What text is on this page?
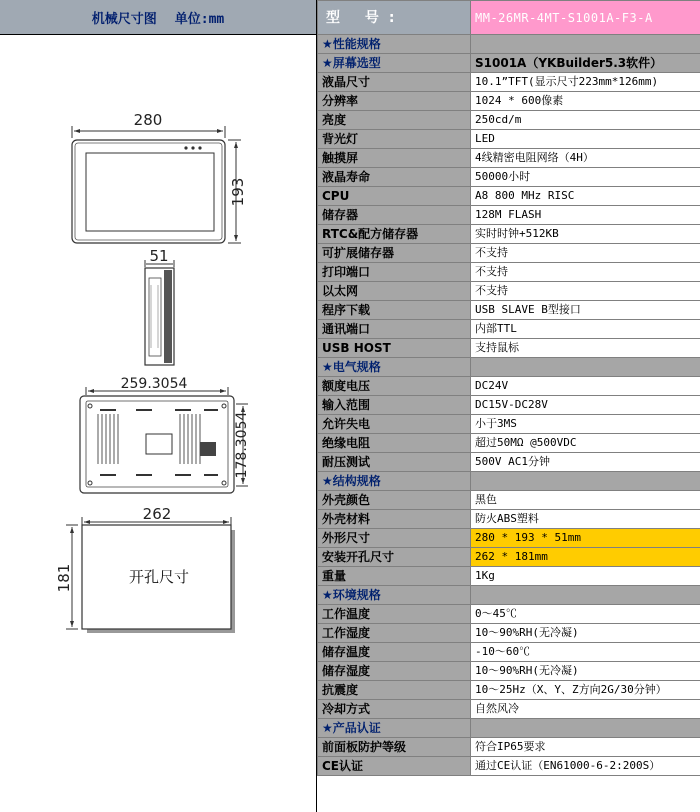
机械尺寸图 单位:mm
280
193
51
259.3054
178.3054
262
181	开孔尺寸
型 号:	MM-26MR-4MT-S1001A-F3-A
★性能规格	
★屏幕选型	S1001A（YKBuilder5.3软件）
液晶尺寸	10.1”TFT(显示尺寸223mm*126mm)
分辨率	1024 * 600像素
亮度	250cd/m
背光灯	LED
触摸屏	4线精密电阻网络（4H）
液晶寿命	50000小时
CPU	A8 800 MHz RISC
储存器	128M FLASH
RTC&配方储存器	实时时钟+512KB
可扩展储存器	不支持
打印端口	不支持
以太网	不支持
程序下载	USB SLAVE B型接口
通讯端口	内部TTL
USB HOST	支持鼠标
★电气规格	
额度电压	DC24V
输入范围	DC15V-DC28V
允许失电	小于3MS
绝缘电阻	超过50MΩ @500VDC
耐压测试	500V AC1分钟
★结构规格	
外壳颜色	黑色
外壳材料	防火ABS塑料
外形尺寸	280 * 193 * 51mm
安装开孔尺寸	262 * 181mm
重量	1Kg
★环境规格	
工作温度	0～45℃
工作湿度	10～90%RH(无冷凝)
储存温度	-10～60℃
储存湿度	10～90%RH(无冷凝)
抗震度	10～25Hz（X、Y、Z方向2G/30分钟）
冷却方式	自然风冷
★产品认证	
前面板防护等级	符合IP65要求
CE认证	通过CE认证（EN61000-6-2:200S）
